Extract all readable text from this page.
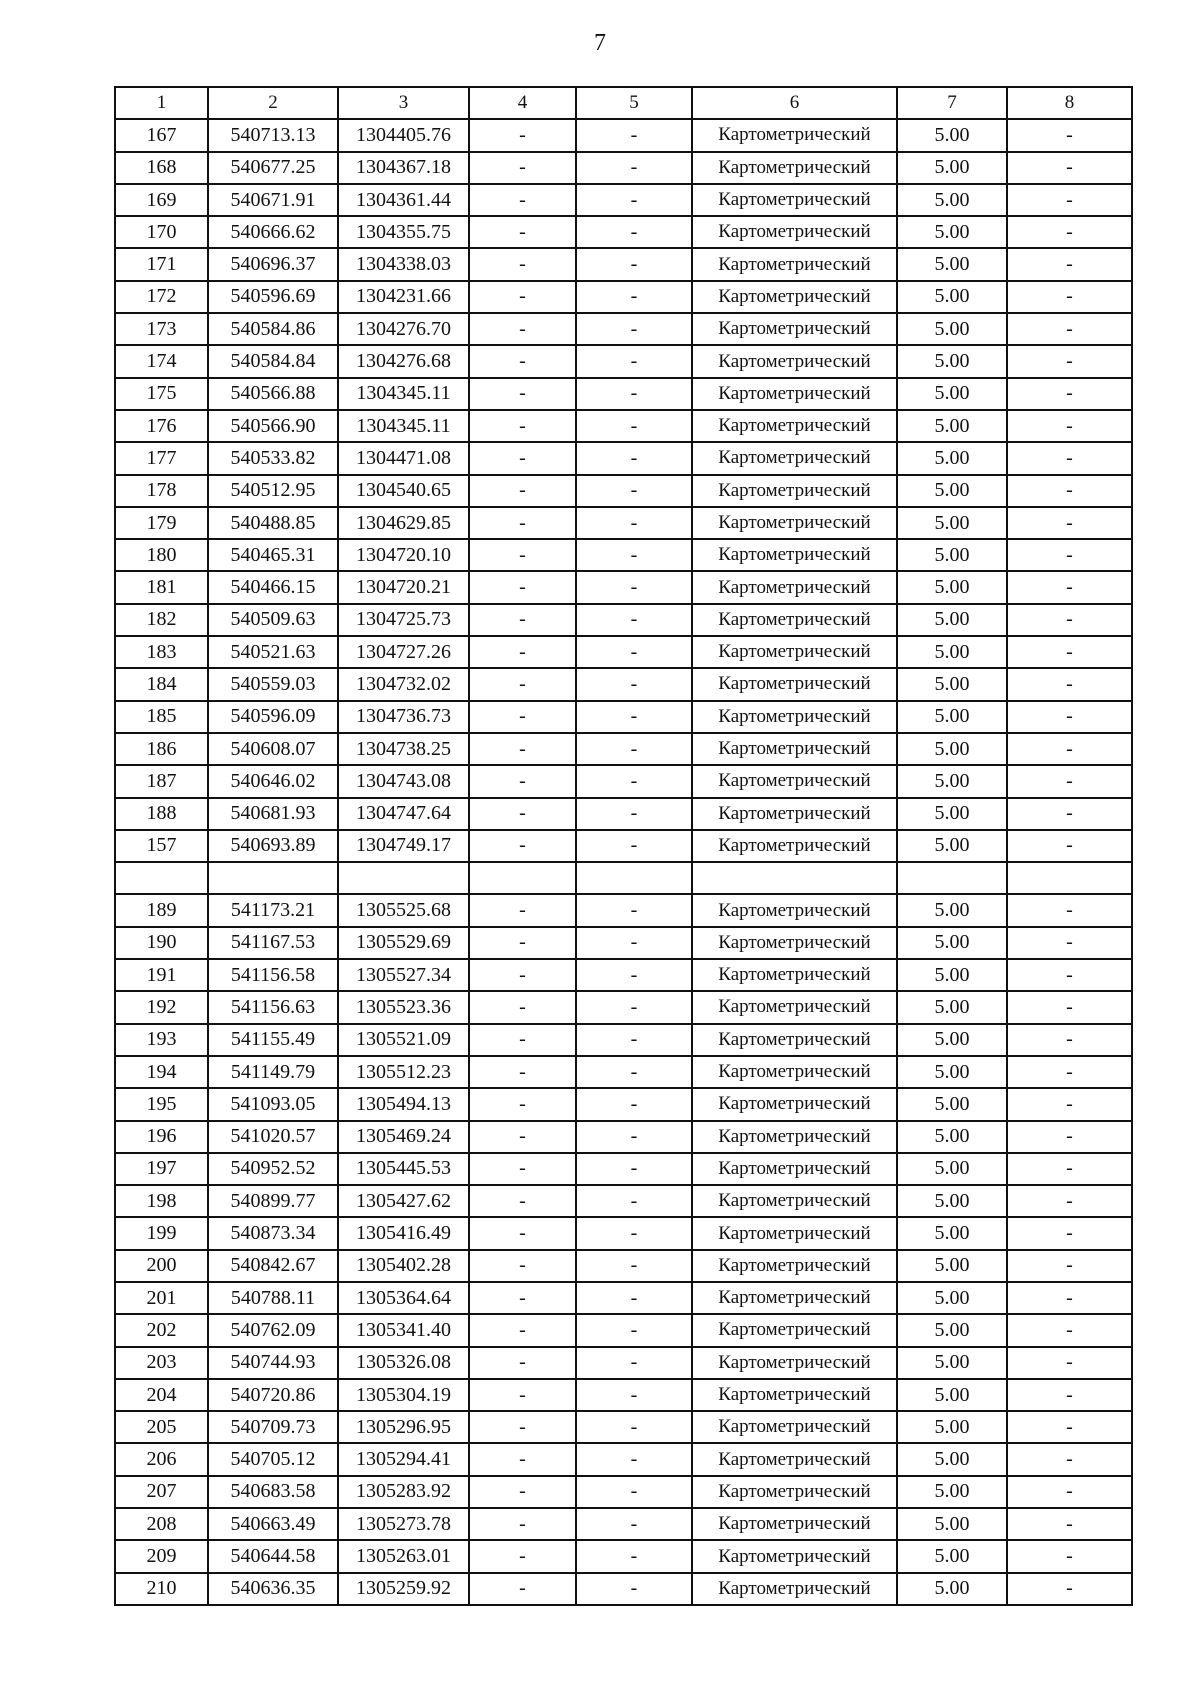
7
1	2	3	4	5	6	7	8
167	540713.13	1304405.76	-	-	Картометрический	5.00	-
168	540677.25	1304367.18	-	-	Картометрический	5.00	-
169	540671.91	1304361.44	-	-	Картометрический	5.00	-
170	540666.62	1304355.75	-	-	Картометрический	5.00	-
171	540696.37	1304338.03	-	-	Картометрический	5.00	-
172	540596.69	1304231.66	-	-	Картометрический	5.00	-
173	540584.86	1304276.70	-	-	Картометрический	5.00	-
174	540584.84	1304276.68	-	-	Картометрический	5.00	-
175	540566.88	1304345.11	-	-	Картометрический	5.00	-
176	540566.90	1304345.11	-	-	Картометрический	5.00	-
177	540533.82	1304471.08	-	-	Картометрический	5.00	-
178	540512.95	1304540.65	-	-	Картометрический	5.00	-
179	540488.85	1304629.85	-	-	Картометрический	5.00	-
180	540465.31	1304720.10	-	-	Картометрический	5.00	-
181	540466.15	1304720.21	-	-	Картометрический	5.00	-
182	540509.63	1304725.73	-	-	Картометрический	5.00	-
183	540521.63	1304727.26	-	-	Картометрический	5.00	-
184	540559.03	1304732.02	-	-	Картометрический	5.00	-
185	540596.09	1304736.73	-	-	Картометрический	5.00	-
186	540608.07	1304738.25	-	-	Картометрический	5.00	-
187	540646.02	1304743.08	-	-	Картометрический	5.00	-
188	540681.93	1304747.64	-	-	Картометрический	5.00	-
157	540693.89	1304749.17	-	-	Картометрический	5.00	-

189	541173.21	1305525.68	-	-	Картометрический	5.00	-
190	541167.53	1305529.69	-	-	Картометрический	5.00	-
191	541156.58	1305527.34	-	-	Картометрический	5.00	-
192	541156.63	1305523.36	-	-	Картометрический	5.00	-
193	541155.49	1305521.09	-	-	Картометрический	5.00	-
194	541149.79	1305512.23	-	-	Картометрический	5.00	-
195	541093.05	1305494.13	-	-	Картометрический	5.00	-
196	541020.57	1305469.24	-	-	Картометрический	5.00	-
197	540952.52	1305445.53	-	-	Картометрический	5.00	-
198	540899.77	1305427.62	-	-	Картометрический	5.00	-
199	540873.34	1305416.49	-	-	Картометрический	5.00	-
200	540842.67	1305402.28	-	-	Картометрический	5.00	-
201	540788.11	1305364.64	-	-	Картометрический	5.00	-
202	540762.09	1305341.40	-	-	Картометрический	5.00	-
203	540744.93	1305326.08	-	-	Картометрический	5.00	-
204	540720.86	1305304.19	-	-	Картометрический	5.00	-
205	540709.73	1305296.95	-	-	Картометрический	5.00	-
206	540705.12	1305294.41	-	-	Картометрический	5.00	-
207	540683.58	1305283.92	-	-	Картометрический	5.00	-
208	540663.49	1305273.78	-	-	Картометрический	5.00	-
209	540644.58	1305263.01	-	-	Картометрический	5.00	-
210	540636.35	1305259.92	-	-	Картометрический	5.00	-
